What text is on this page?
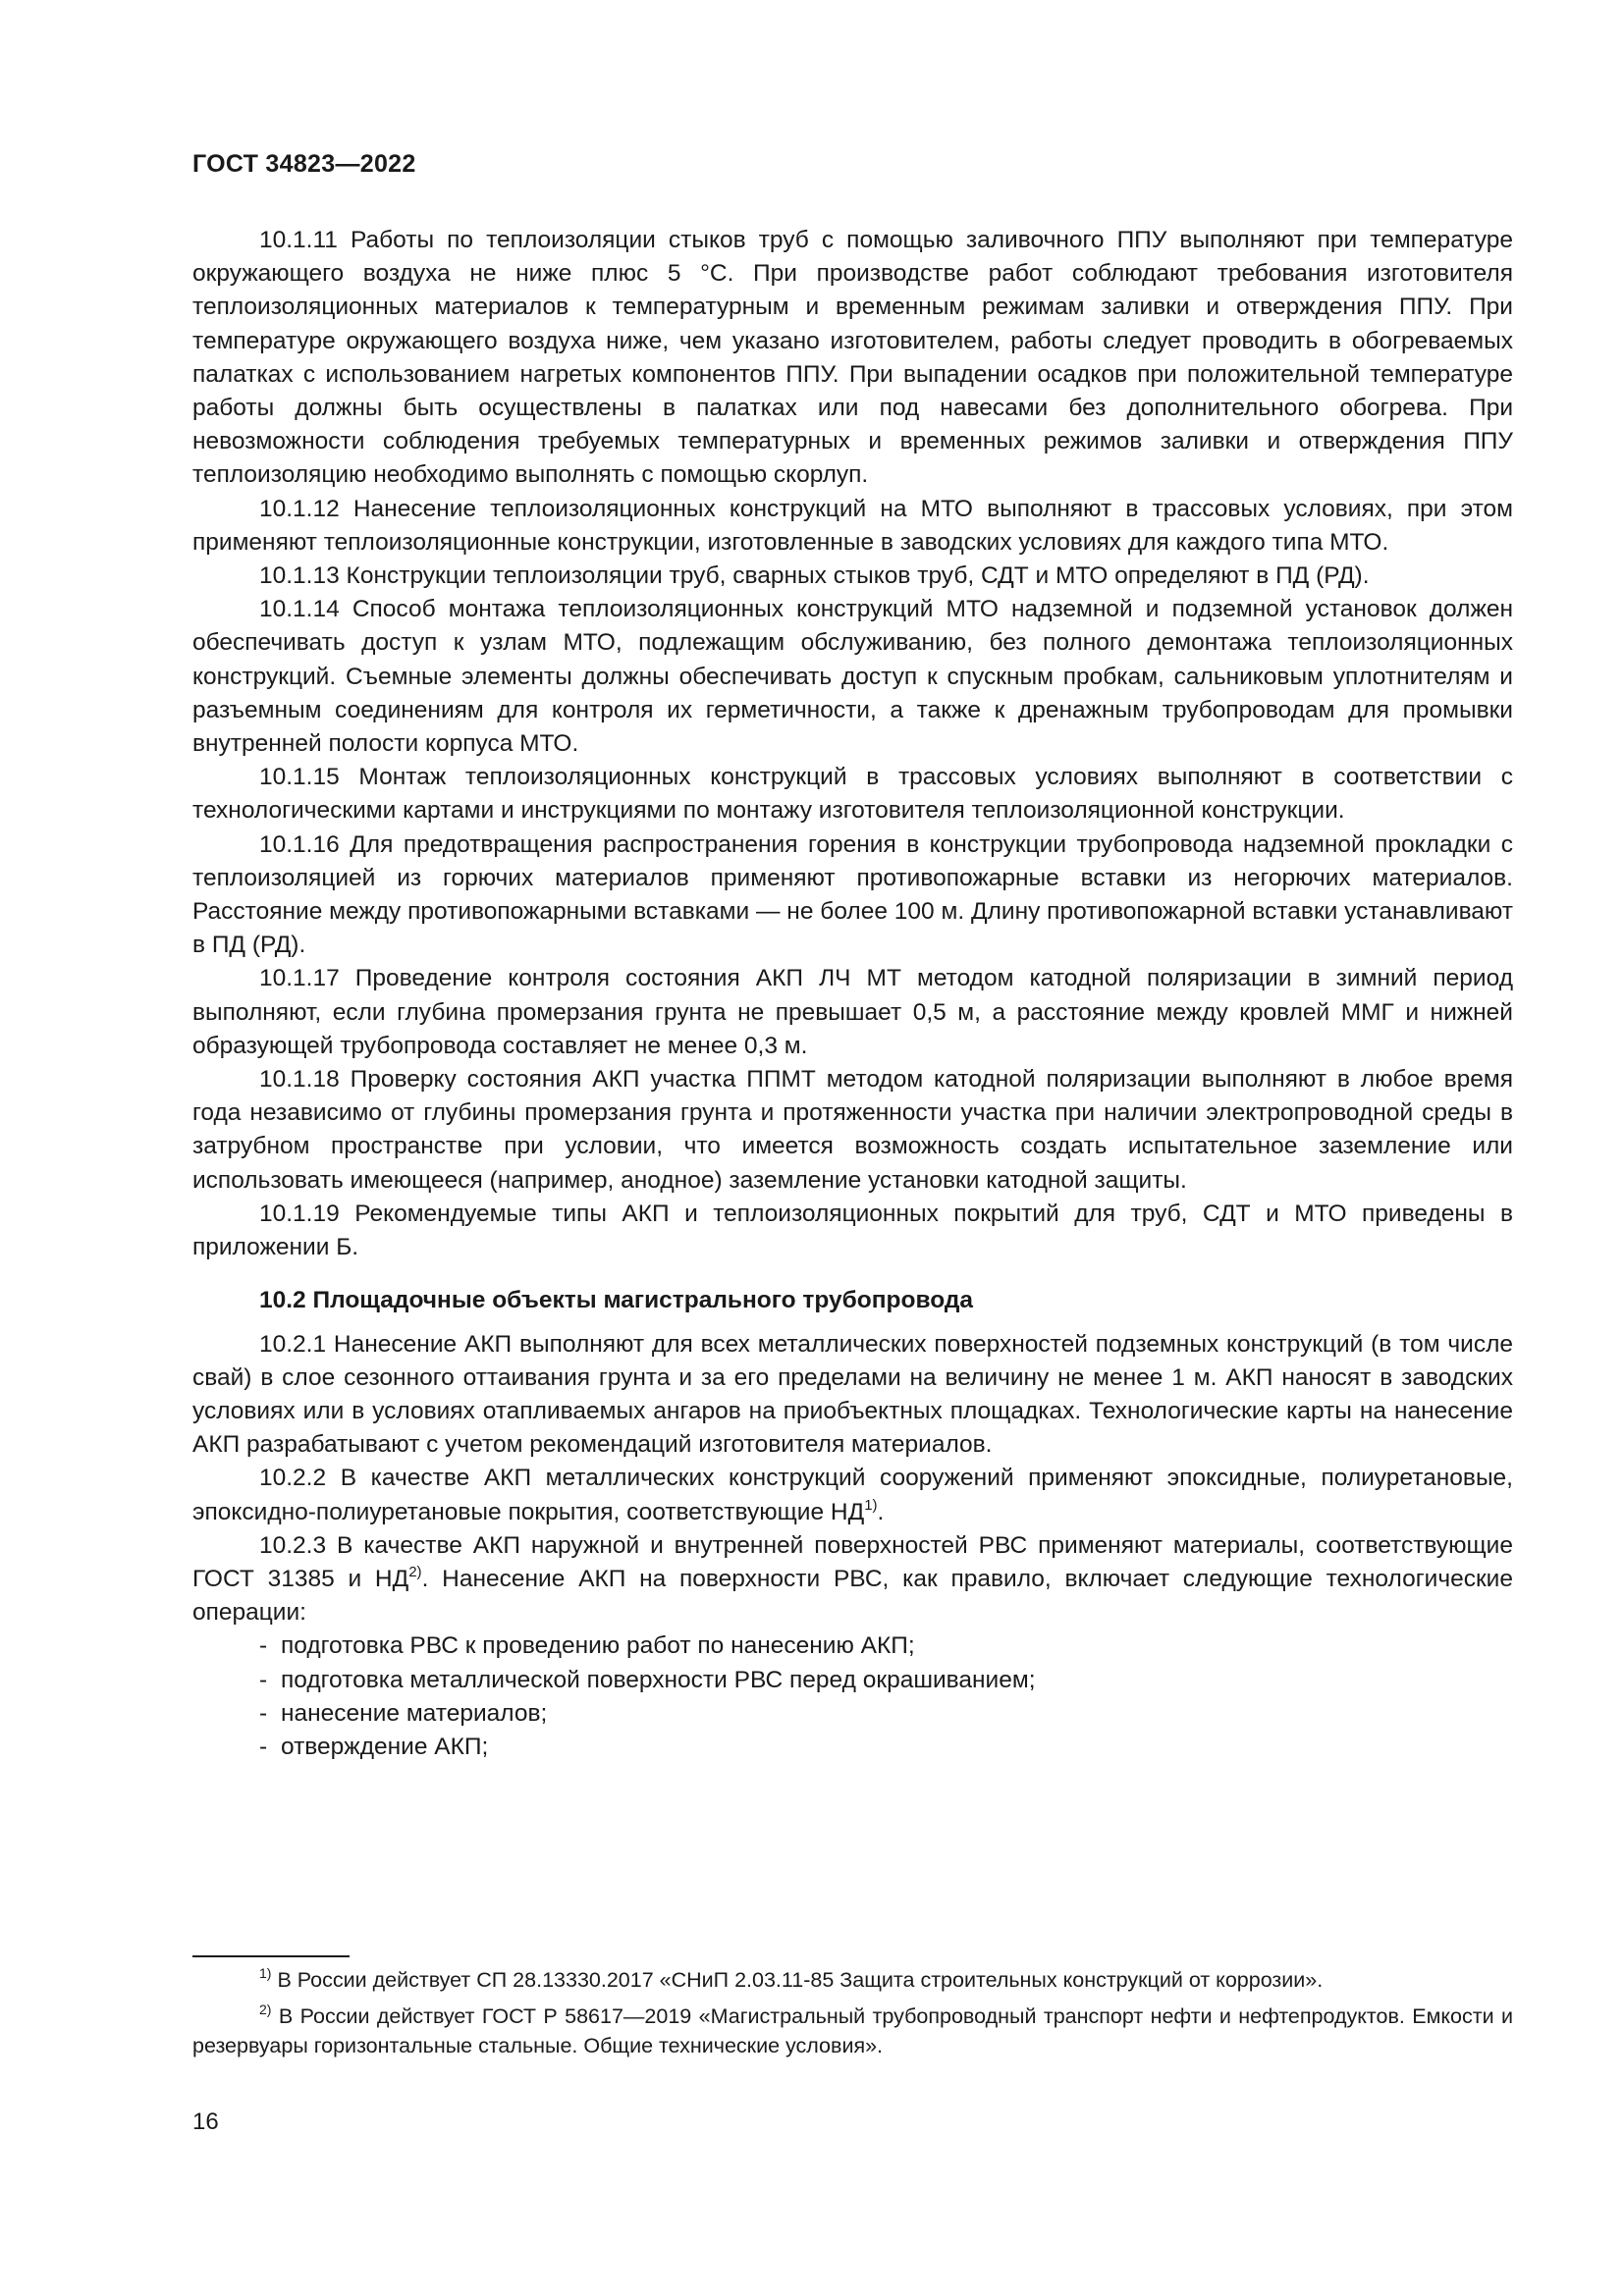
ГОСТ 34823—2022

10.1.11 Работы по теплоизоляции стыков труб с помощью заливочного ППУ выполняют при температуре окружающего воздуха не ниже плюс 5 °С. При производстве работ соблюдают требования изготовителя теплоизоляционных материалов к температурным и временным режимам заливки и отверждения ППУ. При температуре окружающего воздуха ниже, чем указано изготовителем, работы следует проводить в обогреваемых палатках с использованием нагретых компонентов ППУ. При выпадении осадков при положительной температуре работы должны быть осуществлены в палатках или под навесами без дополнительного обогрева. При невозможности соблюдения требуемых температурных и временных режимов заливки и отверждения ППУ теплоизоляцию необходимо выполнять с помощью скорлуп.

10.1.12 Нанесение теплоизоляционных конструкций на МТО выполняют в трассовых условиях, при этом применяют теплоизоляционные конструкции, изготовленные в заводских условиях для каждого типа МТО.

10.1.13 Конструкции теплоизоляции труб, сварных стыков труб, СДТ и МТО определяют в ПД (РД).

10.1.14 Способ монтажа теплоизоляционных конструкций МТО надземной и подземной установок должен обеспечивать доступ к узлам МТО, подлежащим обслуживанию, без полного демонтажа теплоизоляционных конструкций. Съемные элементы должны обеспечивать доступ к спускным пробкам, сальниковым уплотнителям и разъемным соединениям для контроля их герметичности, а также к дренажным трубопроводам для промывки внутренней полости корпуса МТО.

10.1.15 Монтаж теплоизоляционных конструкций в трассовых условиях выполняют в соответствии с технологическими картами и инструкциями по монтажу изготовителя теплоизоляционной конструкции.

10.1.16 Для предотвращения распространения горения в конструкции трубопровода надземной прокладки с теплоизоляцией из горючих материалов применяют противопожарные вставки из негорючих материалов. Расстояние между противопожарными вставками — не более 100 м. Длину противопожарной вставки устанавливают в ПД (РД).

10.1.17 Проведение контроля состояния АКП ЛЧ МТ методом катодной поляризации в зимний период выполняют, если глубина промерзания грунта не превышает 0,5 м, а расстояние между кровлей ММГ и нижней образующей трубопровода составляет не менее 0,3 м.

10.1.18 Проверку состояния АКП участка ППМТ методом катодной поляризации выполняют в любое время года независимо от глубины промерзания грунта и протяженности участка при наличии электропроводной среды в затрубном пространстве при условии, что имеется возможность создать испытательное заземление или использовать имеющееся (например, анодное) заземление установки катодной защиты.

10.1.19 Рекомендуемые типы АКП и теплоизоляционных покрытий для труб, СДТ и МТО приведены в приложении Б.

10.2 Площадочные объекты магистрального трубопровода

10.2.1 Нанесение АКП выполняют для всех металлических поверхностей подземных конструкций (в том числе свай) в слое сезонного оттаивания грунта и за его пределами на величину не менее 1 м. АКП наносят в заводских условиях или в условиях отапливаемых ангаров на приобъектных площадках. Технологические карты на нанесение АКП разрабатывают с учетом рекомендаций изготовителя материалов.

10.2.2 В качестве АКП металлических конструкций сооружений применяют эпоксидные, полиуретановые, эпоксидно-полиуретановые покрытия, соответствующие НД$^{1)}$.

10.2.3 В качестве АКП наружной и внутренней поверхностей РВС применяют материалы, соответствующие ГОСТ 31385 и НД$^{2)}$. Нанесение АКП на поверхности РВС, как правило, включает следующие технологические операции:

- подготовка РВС к проведению работ по нанесению АКП;
- подготовка металлической поверхности РВС перед окрашиванием;
- нанесение материалов;
- отверждение АКП;

$^{1)}$ В России действует СП 28.13330.2017 «СНиП 2.03.11-85 Защита строительных конструкций от коррозии».

$^{2)}$ В России действует ГОСТ Р 58617—2019 «Магистральный трубопроводный транспорт нефти и нефтепродуктов. Емкости и резервуары горизонтальные стальные. Общие технические условия».

16
